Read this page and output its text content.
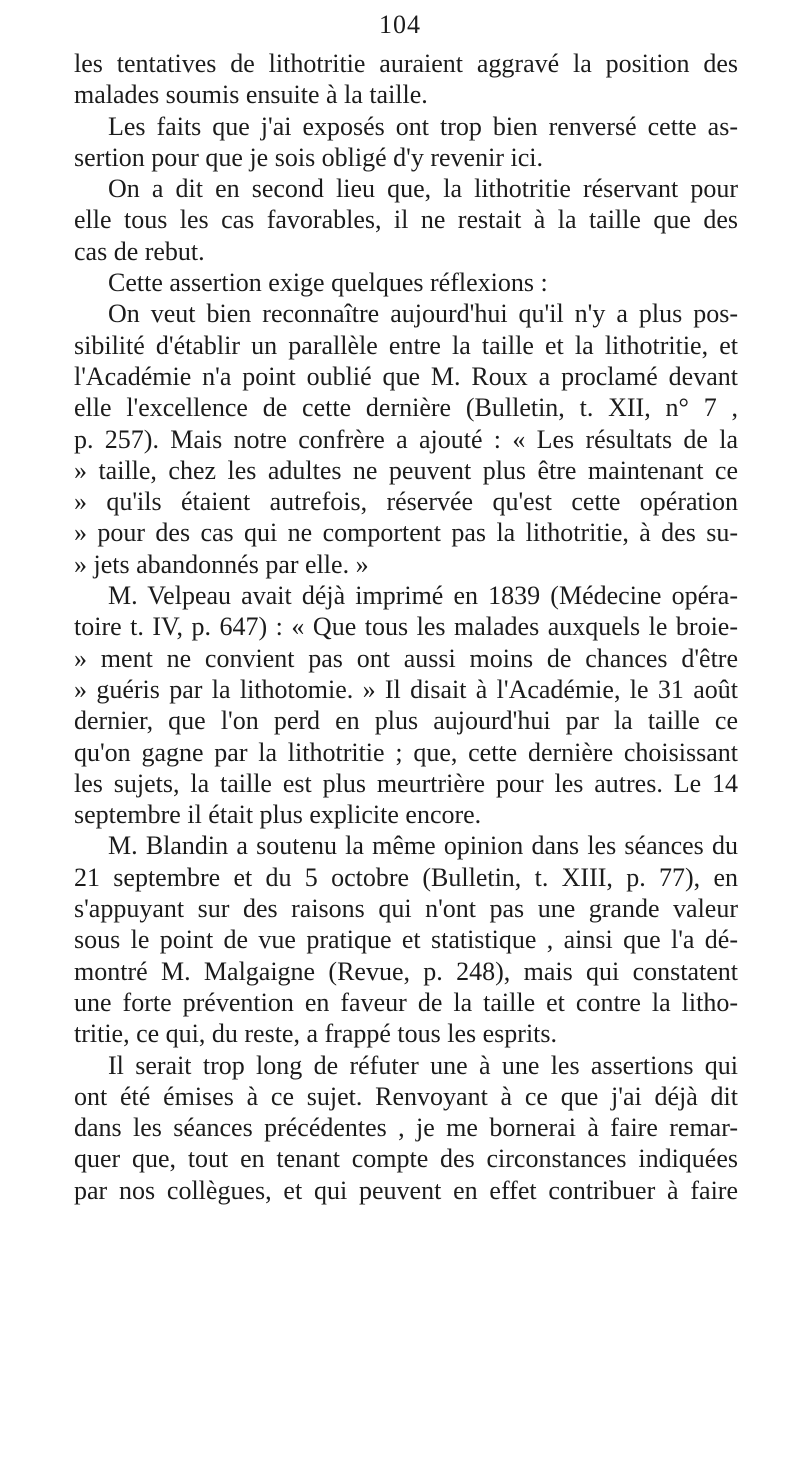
104
les tentatives de lithotritie auraient aggravé la position des
malades soumis ensuite à la taille.
Les faits que j'ai exposés ont trop bien renversé cette as-
sertion pour que je sois obligé d'y revenir ici.
On a dit en second lieu que, la lithotritie réservant pour
elle tous les cas favorables, il ne restait à la taille que des
cas de rebut.
Cette assertion exige quelques réflexions :
On veut bien reconnaître aujourd'hui qu'il n'y a plus pos-
sibilité d'établir un parallèle entre la taille et la lithotritie, et
l'Académie n'a point oublié que M. Roux a proclamé devant
elle l'excellence de cette dernière (Bulletin, t. XII, n° 7 ,
p. 257). Mais notre confrère a ajouté : « Les résultats de la
» taille, chez les adultes ne peuvent plus être maintenant ce
» qu'ils étaient autrefois, réservée qu'est cette opération
» pour des cas qui ne comportent pas la lithotritie, à des su-
» jets abandonnés par elle. »
M. Velpeau avait déjà imprimé en 1839 (Médecine opéra-
toire t. IV, p. 647) : « Que tous les malades auxquels le broie-
» ment ne convient pas ont aussi moins de chances d'être
» guéris par la lithotomie. » Il disait à l'Académie, le 31 août
dernier, que l'on perd en plus aujourd'hui par la taille ce
qu'on gagne par la lithotritie ; que, cette dernière choisissant
les sujets, la taille est plus meurtrière pour les autres. Le 14
septembre il était plus explicite encore.
M. Blandin a soutenu la même opinion dans les séances du
21 septembre et du 5 octobre (Bulletin, t. XIII, p. 77), en
s'appuyant sur des raisons qui n'ont pas une grande valeur
sous le point de vue pratique et statistique , ainsi que l'a dé-
montré M. Malgaigne (Revue, p. 248), mais qui constatent
une forte prévention en faveur de la taille et contre la litho-
tritie, ce qui, du reste, a frappé tous les esprits.
Il serait trop long de réfuter une à une les assertions qui
ont été émises à ce sujet. Renvoyant à ce que j'ai déjà dit
dans les séances précédentes , je me bornerai à faire remar-
quer que, tout en tenant compte des circonstances indiquées
par nos collègues, et qui peuvent en effet contribuer à faire
